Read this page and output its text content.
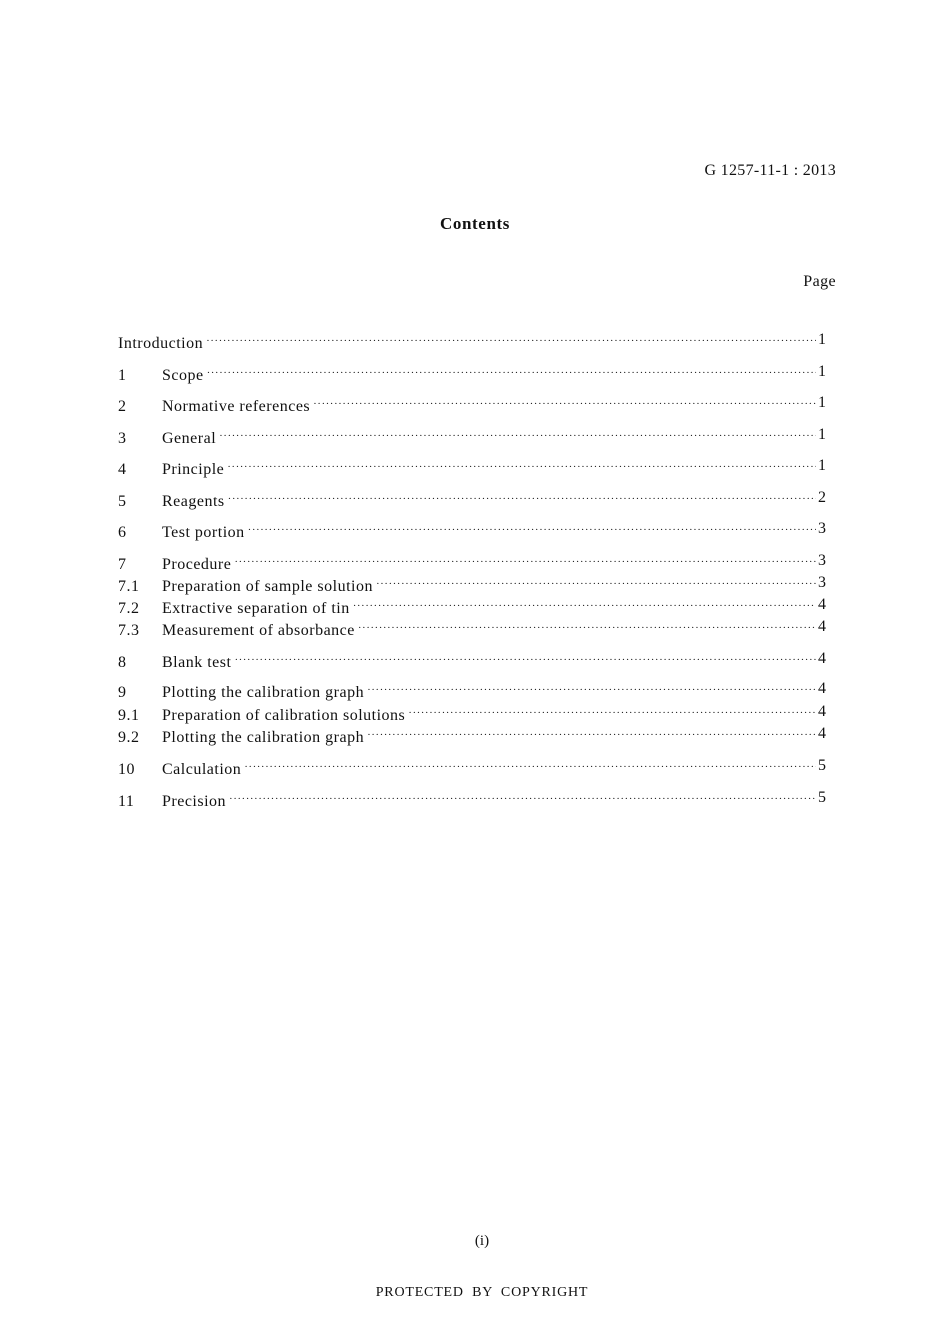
G 1257-11-1 : 2013
Contents
Page
Introduction ·····	1
1	Scope ·····	1
2	Normative references ·····	1
3	General ·····	1
4	Principle ·····	1
5	Reagents ·····	2
6	Test portion ·····	3
7	Procedure ·····	3
7.1	Preparation of sample solution ·····	3
7.2	Extractive separation of tin ·····	4
7.3	Measurement of absorbance ·····	4
8	Blank test ·····	4
9	Plotting the calibration graph ·····	4
9.1	Preparation of calibration solutions ·····	4
9.2	Plotting the calibration graph ·····	4
10	Calculation ·····	5
11	Precision ·····	5
(i)
PROTECTED BY COPYRIGHT
